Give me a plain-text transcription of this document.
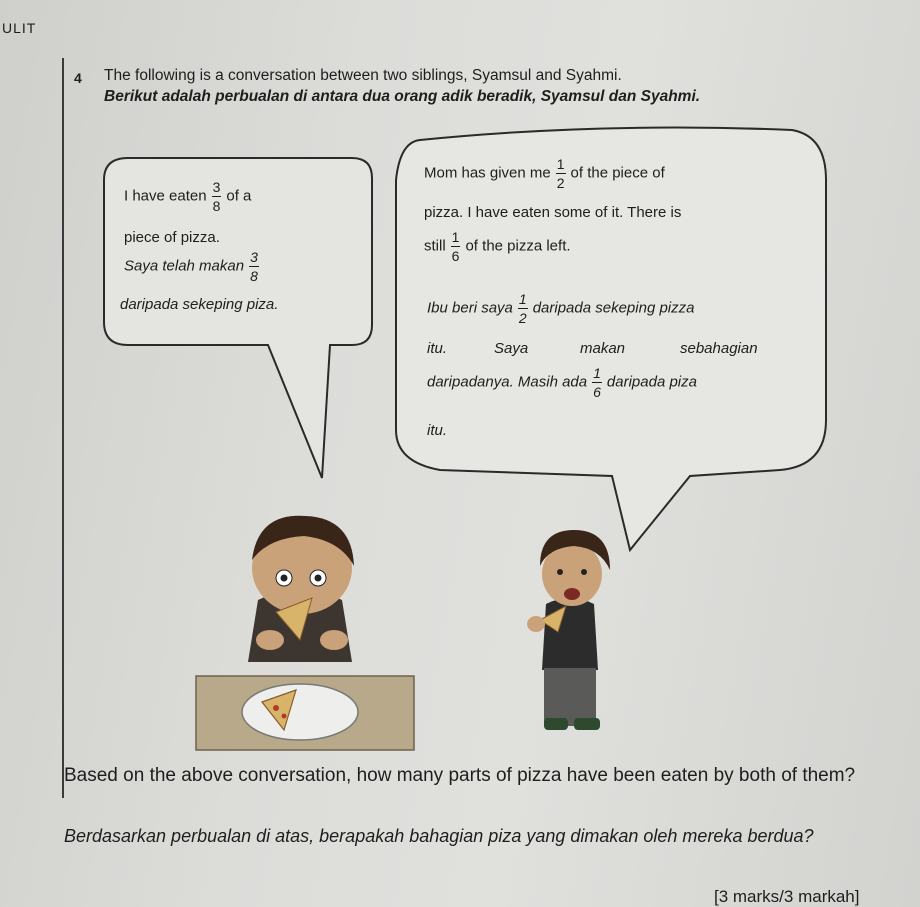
ULIT
4 The following is a conversation between two siblings, Syamsul and Syahmi.
Berikut adalah perbualan di antara dua orang adik beradik, Syamsul dan Syahmi.
I have eaten $\frac{3}{8}$ of a
piece of pizza.
Saya telah makan $\frac{3}{8}$
daripada sekeping piza.
Mom has given me $\frac{1}{2}$ of the piece of
pizza. I have eaten some of it. There is
still $\frac{1}{6}$ of the pizza left.
Ibu beri saya $\frac{1}{2}$ daripada sekeping pizza
itu.	Saya	makan	sebahagian
daripadanya. Masih ada $\frac{1}{6}$ daripada piza
itu.
Based on the above conversation, how many parts of pizza have been eaten by both of them?
Berdasarkan perbualan di atas, berapakah bahagian piza yang dimakan oleh mereka berdua?
[3 marks/3 markah]
